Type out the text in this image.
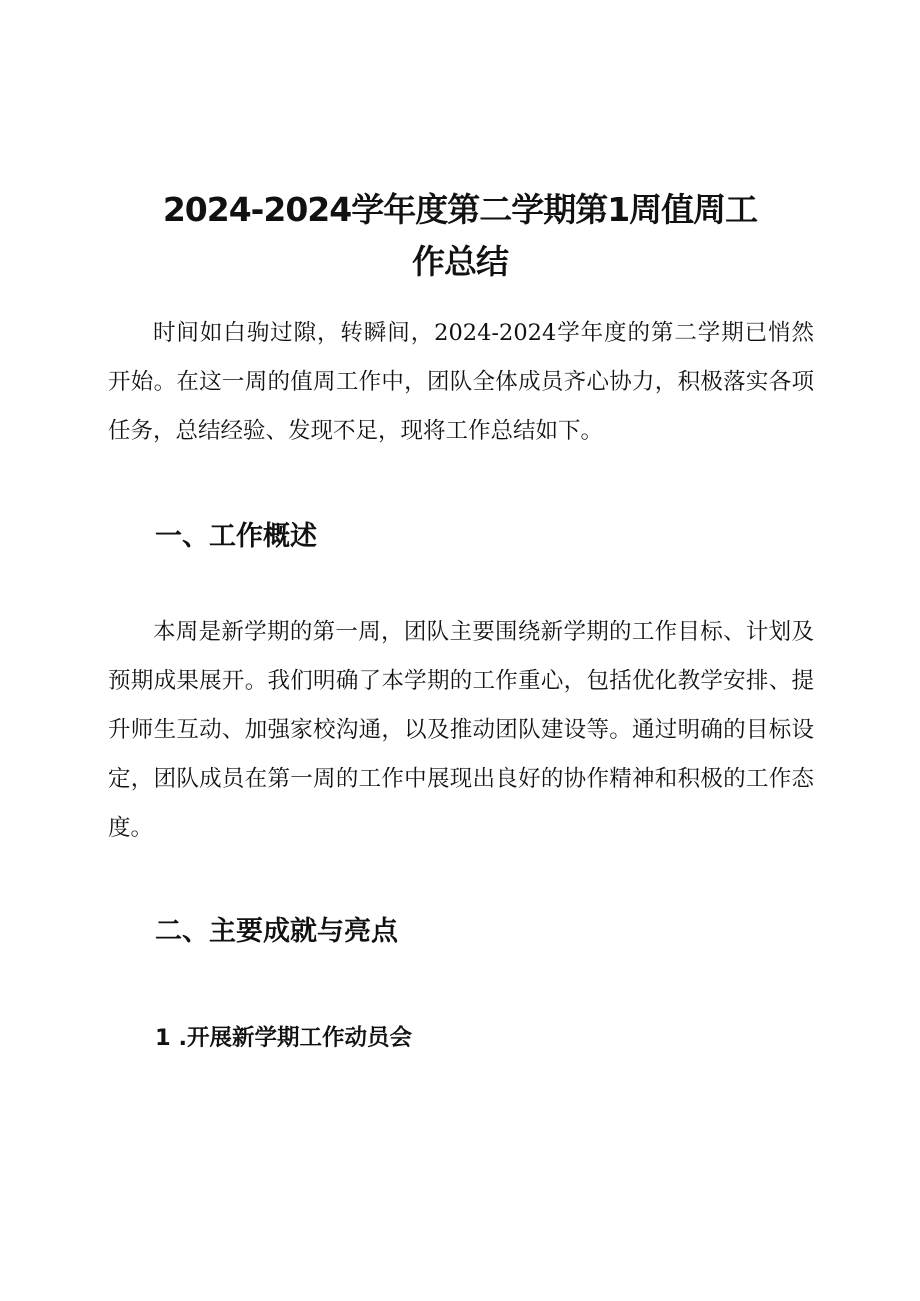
2024-2024学年度第二学期第1周值周工
作总结

时间如白驹过隙，转瞬间，2024-2024学年度的第二学期已悄然开始。在这一周的值周工作中，团队全体成员齐心协力，积极落实各项任务，总结经验、发现不足，现将工作总结如下。

一、工作概述

本周是新学期的第一周，团队主要围绕新学期的工作目标、计划及预期成果展开。我们明确了本学期的工作重心，包括优化教学安排、提升师生互动、加强家校沟通，以及推动团队建设等。通过明确的目标设定，团队成员在第一周的工作中展现出良好的协作精神和积极的工作态度。

二、主要成就与亮点
1 .开展新学期工作动员会
